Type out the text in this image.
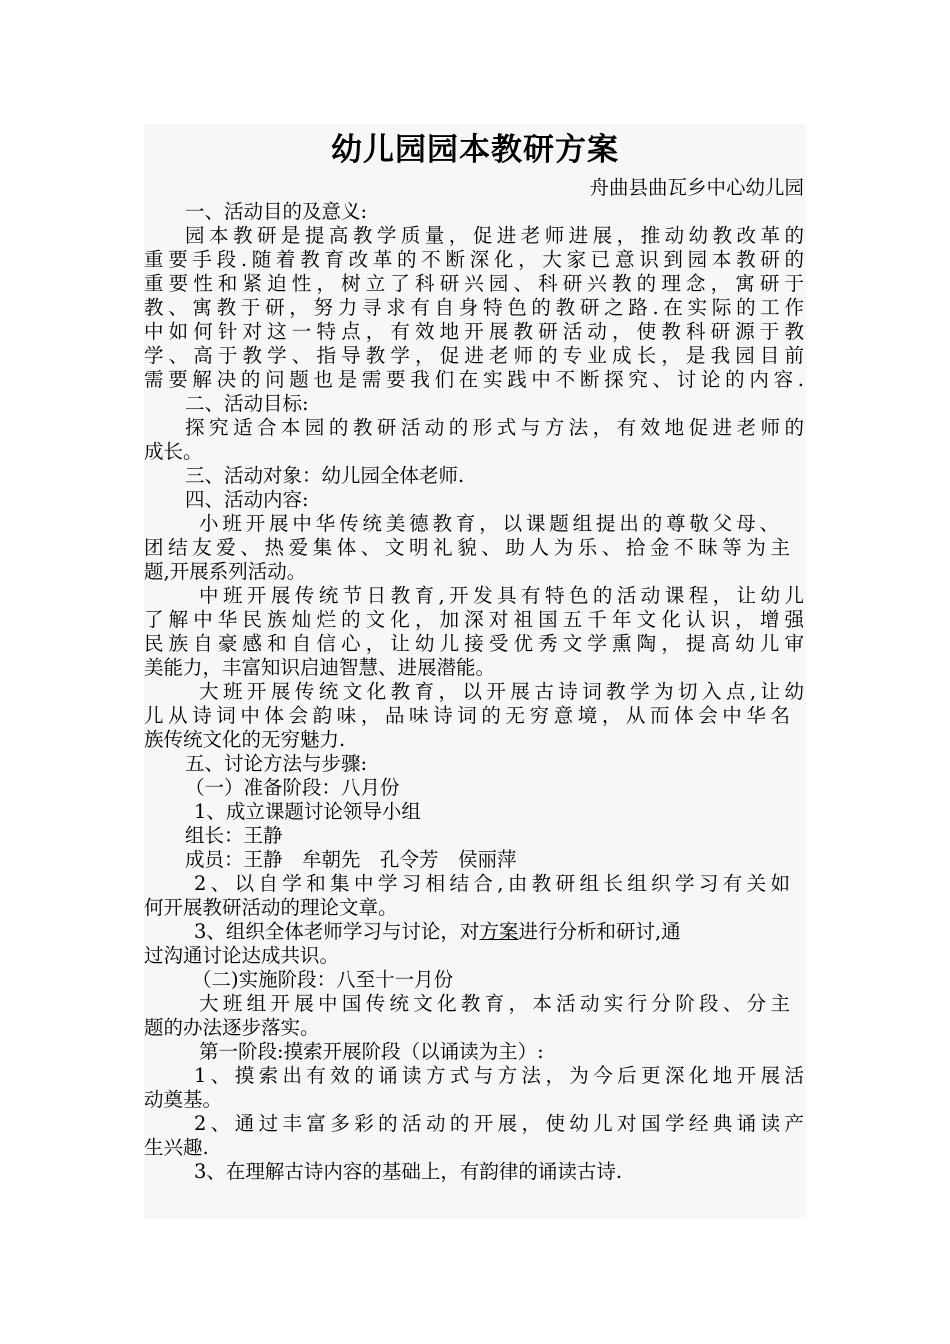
幼儿园园本教研方案
舟曲县曲瓦乡中心幼儿园
一、活动目的及意义:
园本教研是提高教学质量，促进老师进展，推动幼教改革的
重要手段.随着教育改革的不断深化，大家已意识到园本教研的
重要性和紧迫性，树立了科研兴园、科研兴教的理念，寓研于
教、寓教于研，努力寻求有自身特色的教研之路.在实际的工作
中如何针对这一特点，有效地开展教研活动，使教科研源于教
学、高于教学、指导教学，促进老师的专业成长，是我园目前
需要解决的问题也是需要我们在实践中不断探究、讨论的内容.
二、活动目标:
探究适合本园的教研活动的形式与方法，有效地促进老师的
成长。
三、活动对象：幼儿园全体老师.
四、活动内容:
小班开展中华传统美德教育，以课题组提出的尊敬父母、
团结友爱、热爱集体、文明礼貌、助人为乐、拾金不昧等为主
题,开展系列活动。
中班开展传统节日教育,开发具有特色的活动课程，让幼儿
了解中华民族灿烂的文化，加深对祖国五千年文化认识，增强
民族自豪感和自信心，让幼儿接受优秀文学熏陶，提高幼儿审
美能力，丰富知识启迪智慧、进展潜能。
大班开展传统文化教育，以开展古诗词教学为切入点,让幼
儿从诗词中体会韵味，品味诗词的无穷意境，从而体会中华名
族传统文化的无穷魅力.
五、讨论方法与步骤:
（一）准备阶段：八月份
1、成立课题讨论领导小组
组长：王静
成员：王静　牟朝先　孔令芳　侯丽萍
2、以自学和集中学习相结合,由教研组长组织学习有关如
何开展教研活动的理论文章。
3、组织全体老师学习与讨论，对方案进行分析和研讨,通
过沟通讨论达成共识。
（二)实施阶段：八至十一月份
大班组开展中国传统文化教育，本活动实行分阶段、分主
题的办法逐步落实。
第一阶段:摸索开展阶段（以诵读为主）:
1、摸索出有效的诵读方式与方法，为今后更深化地开展活
动奠基。
2、通过丰富多彩的活动的开展，使幼儿对国学经典诵读产
生兴趣.
3、在理解古诗内容的基础上，有韵律的诵读古诗.
